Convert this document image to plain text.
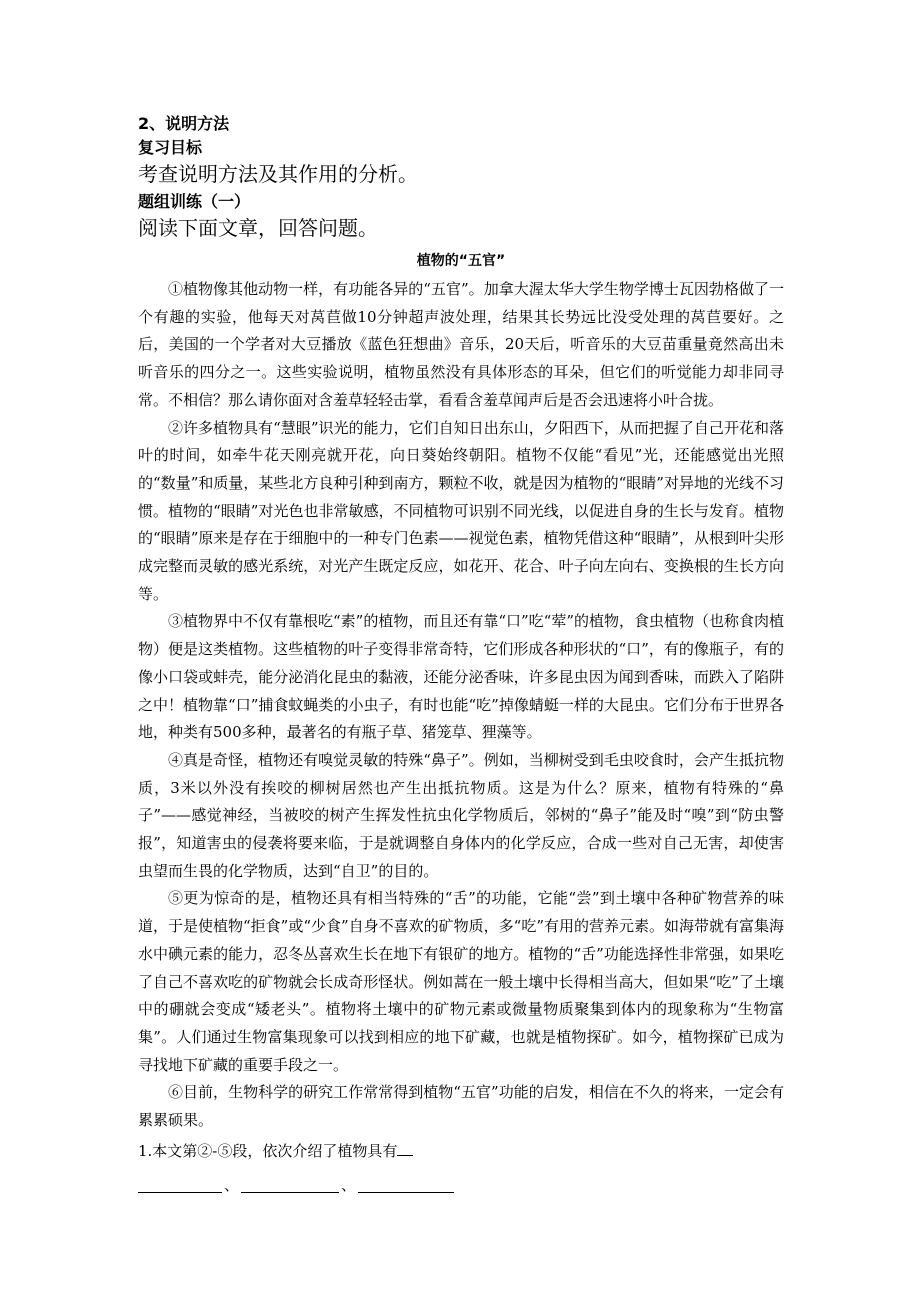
2、说明方法
复习目标
考查说明方法及其作用的分析。
题组训练（一）
阅读下面文章，回答问题。
植物的“五官”

①植物像其他动物一样，有功能各异的“五官”。加拿大渥太华大学生物学博士瓦因勃格做了一个有趣的实验，他每天对莴苣做10分钟超声波处理，结果其长势远比没受处理的莴苣要好。之后，美国的一个学者对大豆播放《蓝色狂想曲》音乐，20天后，听音乐的大豆苗重量竟然高出未听音乐的四分之一。这些实验说明，植物虽然没有具体形态的耳朵，但它们的听觉能力却非同寻常。不相信？那么请你面对含羞草轻轻击掌，看看含羞草闻声后是否会迅速将小叶合拢。

②许多植物具有“慧眼”识光的能力，它们自知日出东山，夕阳西下，从而把握了自己开花和落叶的时间，如牵牛花天刚亮就开花，向日葵始终朝阳。植物不仅能“看见”光，还能感觉出光照的“数量”和质量，某些北方良种引种到南方，颗粒不收，就是因为植物的“眼睛”对异地的光线不习惯。植物的“眼睛”对光色也非常敏感，不同植物可识别不同光线，以促进自身的生长与发育。植物的“眼睛”原来是存在于细胞中的一种专门色素——视觉色素，植物凭借这种“眼睛”，从根到叶尖形成完整而灵敏的感光系统，对光产生既定反应，如花开、花合、叶子向左向右、变换根的生长方向等。

③植物界中不仅有靠根吃“素”的植物，而且还有靠“口”吃“荤”的植物，食虫植物（也称食肉植物）便是这类植物。这些植物的叶子变得非常奇特，它们形成各种形状的“口”，有的像瓶子，有的像小口袋或蚌壳，能分泌消化昆虫的黏液，还能分泌香味，许多昆虫因为闻到香味，而跌入了陷阱之中！植物靠“口”捕食蚊蝇类的小虫子，有时也能“吃”掉像蜻蜓一样的大昆虫。它们分布于世界各地，种类有500多种，最著名的有瓶子草、猪笼草、狸藻等。

④真是奇怪，植物还有嗅觉灵敏的特殊“鼻子”。例如，当柳树受到毛虫咬食时，会产生抵抗物质，3米以外没有挨咬的柳树居然也产生出抵抗物质。这是为什么？原来，植物有特殊的“鼻子”——感觉神经，当被咬的树产生挥发性抗虫化学物质后，邻树的“鼻子”能及时“嗅”到“防虫警报”，知道害虫的侵袭将要来临，于是就调整自身体内的化学反应，合成一些对自己无害，却使害虫望而生畏的化学物质，达到“自卫”的目的。

⑤更为惊奇的是，植物还具有相当特殊的“舌”的功能，它能“尝”到土壤中各种矿物营养的味道，于是使植物“拒食”或“少食”自身不喜欢的矿物质，多“吃”有用的营养元素。如海带就有富集海水中碘元素的能力，忍冬丛喜欢生长在地下有银矿的地方。植物的“舌”功能选择性非常强，如果吃了自己不喜欢吃的矿物就会长成奇形怪状。例如蒿在一般土壤中长得相当高大，但如果“吃”了土壤中的硼就会变成“矮老头”。植物将土壤中的矿物元素或微量物质聚集到体内的现象称为“生物富集”。人们通过生物富集现象可以找到相应的地下矿藏，也就是植物探矿。如今，植物探矿已成为寻找地下矿藏的重要手段之一。

⑥目前，生物科学的研究工作常常得到植物“五官”功能的启发，相信在不久的将来，一定会有累累硕果。

1.本文第②-⑤段，依次介绍了植物具有
、	、
